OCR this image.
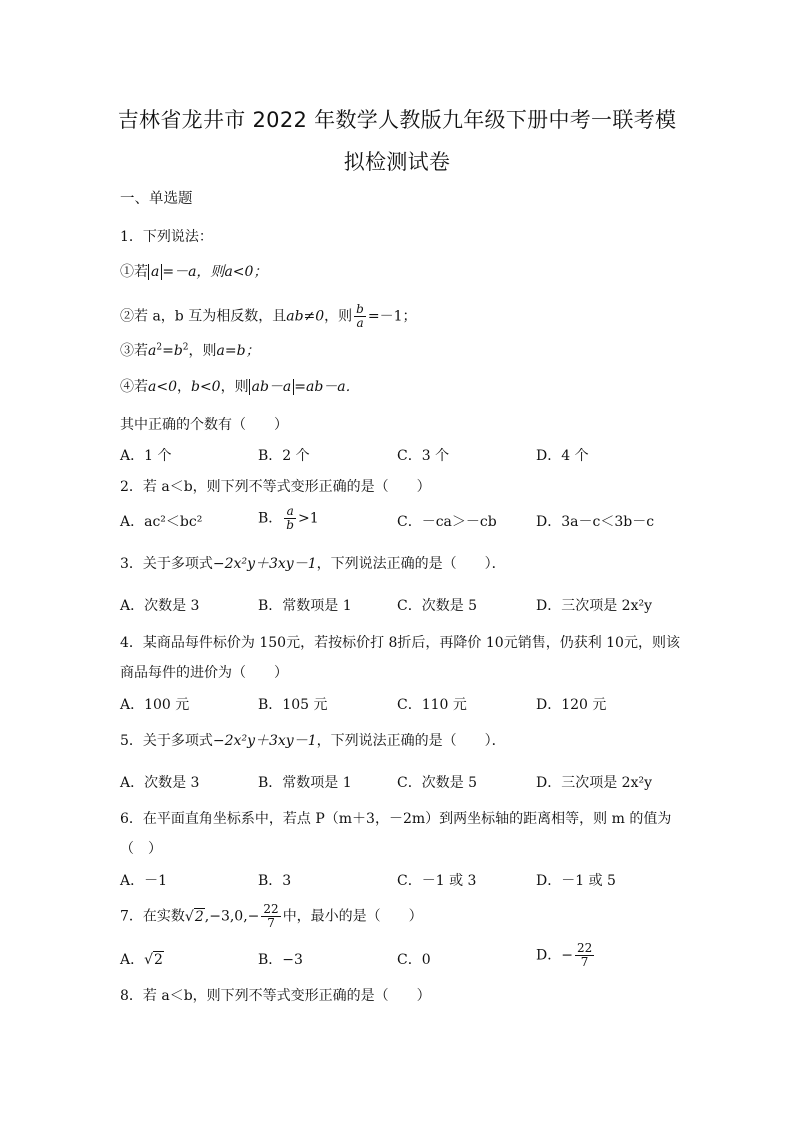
吉林省龙井市 2022 年数学人教版九年级下册中考一联考模
拟检测试卷
一、单选题
1．下列说法：
①若 a =－a，则a<0；
②若 a，b 互为相反数，且ab≠0，则 $\frac{b}{a} =-1$；
③若$a^2=b^2$，则a=b；
④若a<0，b<0，则 ab－a =ab－a．
其中正确的个数有（　　）
A．1 个	B．2 个	C．3 个	D．4 个
2．若 a＜b，则下列不等式变形正确的是（　　）
A．ac²＜bc²	B． $\frac{a}{b} >1$	C．－ca＞－cb	D．3a－c＜3b－c
3．关于多项式−2x²y＋3xy－1，下列说法正确的是（　　）．
A．次数是 3	B．常数项是 1	C．次数是 5	D．三次项是 2x²y
4．某商品每件标价为 150元，若按标价打 8折后，再降价 10元销售，仍获利 10元，则该
商品每件的进价为（　　）
A．100 元	B．105 元	C．110 元	D．120 元
5．关于多项式−2x²y＋3xy－1，下列说法正确的是（　　）．
A．次数是 3	B．常数项是 1	C．次数是 5	D．三次项是 2x²y
6．在平面直角坐标系中，若点 P（m＋3，－2m）到两坐标轴的距离相等，则 m 的值为
（　）
A．－1	B．3	C．－1 或 3	D．－1 或 5
7．在实数$√2,-3,0,- \frac{22}{7}$ 中，最小的是（　　）
A．√2	B．−3	C．0	D．− $\frac{22}{7}$
8．若 a＜b，则下列不等式变形正确的是（　　）
